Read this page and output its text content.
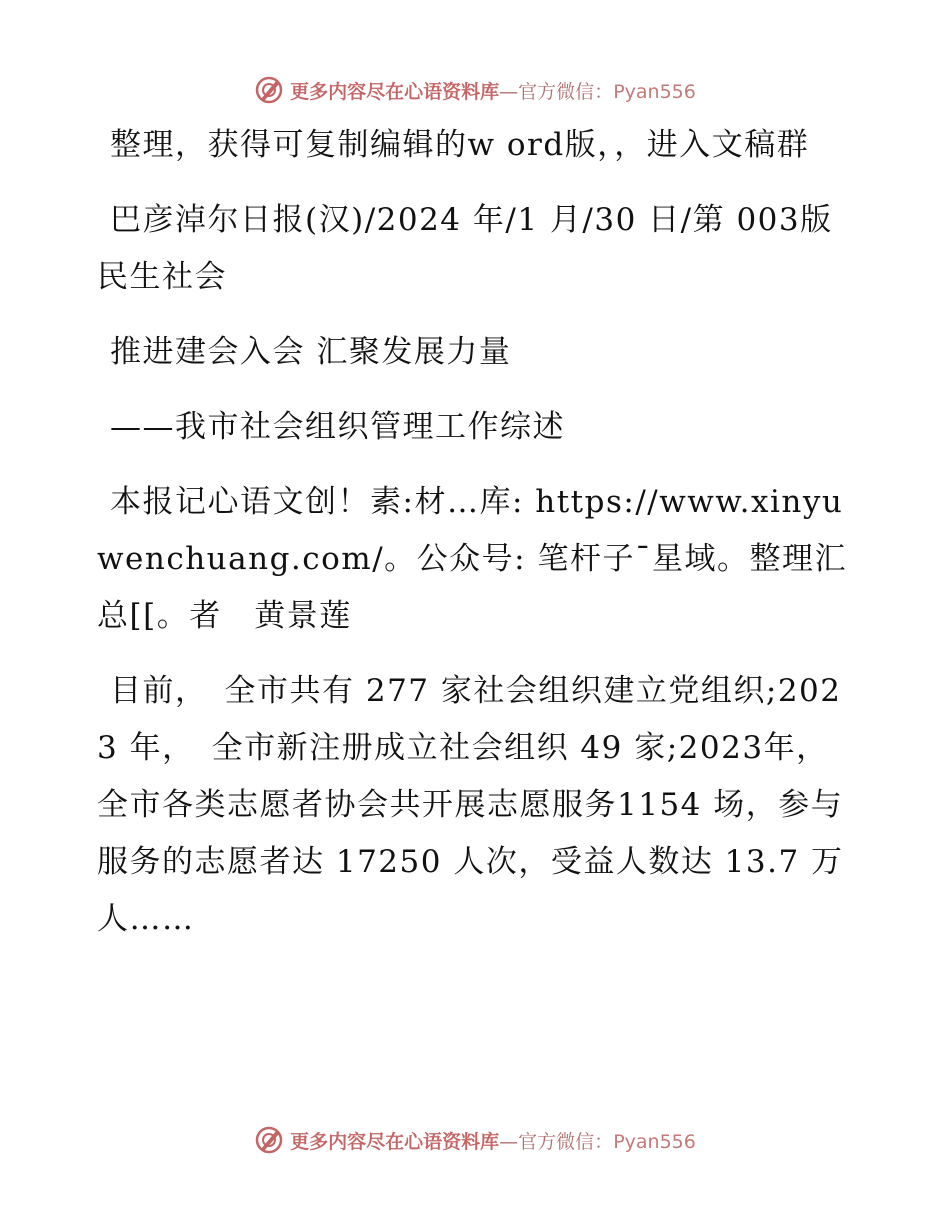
更多内容尽在心语资料库—官方微信：Pyan556

整理，获得可复制编辑的w ord版，，进入文稿群

巴彦淖尔日报(汉)/2024 年/1 月/30 日/第 003版民生社会

推进建会入会 汇聚发展力量

——我市社会组织管理工作综述

本报记心语文创！素:材…库: https://www.xinyuwenchuang.com/。公众号: 笔杆子¯星域。整理汇总[[。者　黄景莲

目前，　全市共有 277 家社会组织建立党组织;2023 年，　全市新注册成立社会组织 49 家;2023年，全市各类志愿者协会共开展志愿服务1154 场，参与服务的志愿者达 17250 人次，受益人数达 13.7 万人……

更多内容尽在心语资料库—官方微信：Pyan556
